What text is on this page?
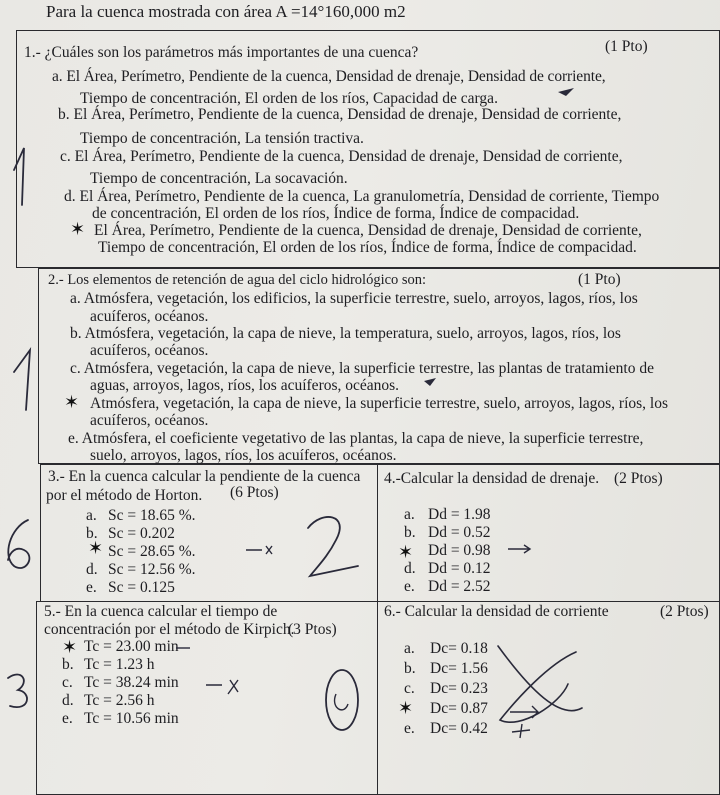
Para la cuenca mostrada con área A =14°160,000 m2
1.- ¿Cuáles son los parámetros más importantes de una cuenca?	(1 Pto)
a. El Área, Perímetro, Pendiente de la cuenca, Densidad de drenaje, Densidad de corriente,
Tiempo de concentración, El orden de los ríos, Capacidad de carga.
b. El Área, Perímetro, Pendiente de la cuenca, Densidad de drenaje, Densidad de corriente,
Tiempo de concentración, La tensión tractiva.
c. El Área, Perímetro, Pendiente de la cuenca, Densidad de drenaje, Densidad de corriente,
Tiempo de concentración, La socavación.
d. El Área, Perímetro, Pendiente de la cuenca, La granulometría, Densidad de corriente, Tiempo
de concentración, El orden de los ríos, Índice de forma, Índice de compacidad.
✶ El Área, Perímetro, Pendiente de la cuenca, Densidad de drenaje, Densidad de corriente,
Tiempo de concentración, El orden de los ríos, Índice de forma, Índice de compacidad.
2.- Los elementos de retención de agua del ciclo hidrológico son:	(1 Pto)
a. Atmósfera, vegetación, los edificios, la superficie terrestre, suelo, arroyos, lagos, ríos, los
acuíferos, océanos.
b. Atmósfera, vegetación, la capa de nieve, la temperatura, suelo, arroyos, lagos, ríos, los
acuíferos, océanos.
c. Atmósfera, vegetación, la capa de nieve, la superficie terrestre, las plantas de tratamiento de
aguas, arroyos, lagos, ríos, los acuíferos, océanos.
✶ Atmósfera, vegetación, la capa de nieve, la superficie terrestre, suelo, arroyos, lagos, ríos, los
acuíferos, océanos.
e. Atmósfera, el coeficiente vegetativo de las plantas, la capa de nieve, la superficie terrestre,
suelo, arroyos, lagos, ríos, los acuíferos, océanos.
3.- En la cuenca calcular la pendiente de la cuenca
por el método de Horton. (6 Ptos)
a. Sc = 18.65 %.
b. Sc = 0.202
Sc = 28.65 %.
d. Sc = 12.56 %.
e. Sc = 0.125
✶
4.-Calcular la densidad de drenaje. (2 Ptos)
a. Dd = 1.98
b. Dd = 0.52
Dd = 0.98
d. Dd = 0.12
e. Dd = 2.52
✶
5.- En la cuenca calcular el tiempo de
concentración por el método de Kirpich.
(3 Ptos)
Tc = 23.00 min
b. Tc = 1.23 h
c. Tc = 38.24 min
d. Tc = 2.56 h
e. Tc = 10.56 min
✶
6.- Calcular la densidad de corriente	(2 Ptos)
a. Dc= 0.18
b. Dc= 1.56
c. Dc= 0.23
Dc= 0.87
e. Dc= 0.42
✶
